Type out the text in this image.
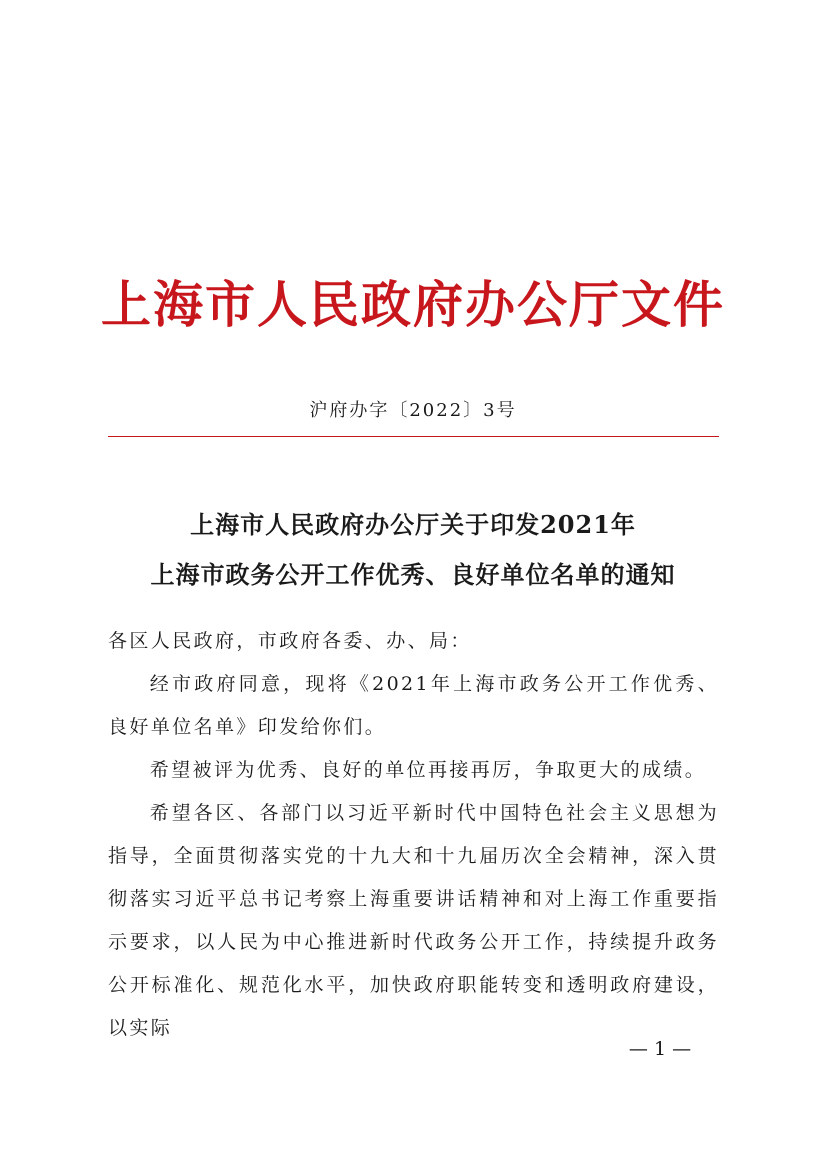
上海市人民政府办公厅文件
沪府办字〔2022〕3号
上海市人民政府办公厅关于印发2021年
上海市政务公开工作优秀、良好单位名单的通知

各区人民政府，市政府各委、办、局：

经市政府同意，现将《2021年上海市政务公开工作优秀、良好单位名单》印发给你们。

希望被评为优秀、良好的单位再接再厉，争取更大的成绩。

希望各区、各部门以习近平新时代中国特色社会主义思想为指导，全面贯彻落实党的十九大和十九届历次全会精神，深入贯彻落实习近平总书记考察上海重要讲话精神和对上海工作重要指示要求，以人民为中心推进新时代政务公开工作，持续提升政务公开标准化、规范化水平，加快政府职能转变和透明政府建设，以实际

— 1 —
